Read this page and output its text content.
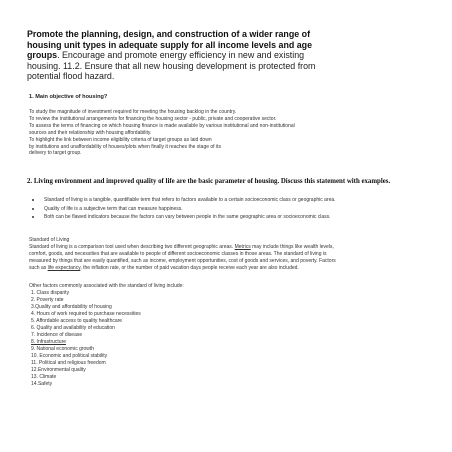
Promote the planning, design, and construction of a wider range of housing unit types in adequate supply for all income levels and age groups. Encourage and promote energy efficiency in new and existing housing. 11.2. Ensure that all new housing development is protected from potential flood hazard.
1. Main objective of housing?
To study the magnitude of investment required for meeting the housing backlog in the country.
To review the institutional arrangements for financing the housing sector - public, private and cooperative sector.
To assess the terms of financing on which housing finance is made available by various institutional and non-institutional
sources and their relationship with housing affordability.
To highlight the link between income eligibility criteria of target groups as laid down
by institutions and unaffordability of houses/plots when finally it reaches the stage of its
delivery to target group.
2. Living environment and improved quality of life are the basic parameter of housing. Discuss this statement with examples.
Standard of living is a tangible, quantifiable term that refers to factors available to a certain socioeconomic class or geographic area.
Quality of life is a subjective term that can measure happiness.
Both can be flawed indicators because the factors can vary between people in the same geographic area or socioeconomic class.
Standard of Living
Standard of living is a comparison tool used when describing two different geographic areas. Metrics may include things like wealth levels,
comfort, goods, and necessities that are available to people of different socioeconomic classes in those areas. The standard of living is
measured by things that are easily quantified, such as income, employment opportunities, cost of goods and services, and poverty. Factors
such as life expectancy, the inflation rate, or the number of paid vacation days people receive each year are also included.
Other factors commonly associated with the standard of living include:
1. Class disparity
2. Poverty rate
3.Quality and affordability of housing
4. Hours of work required to purchase necessities
5. Affordable access to quality healthcare
6. Quality and availability of education
7. Incidence of disease
8. Infrastructure
9. National economic growth
10. Economic and political stability
11. Political and religious freedom
12.Environmental quality
13. Climate
14.Safety
